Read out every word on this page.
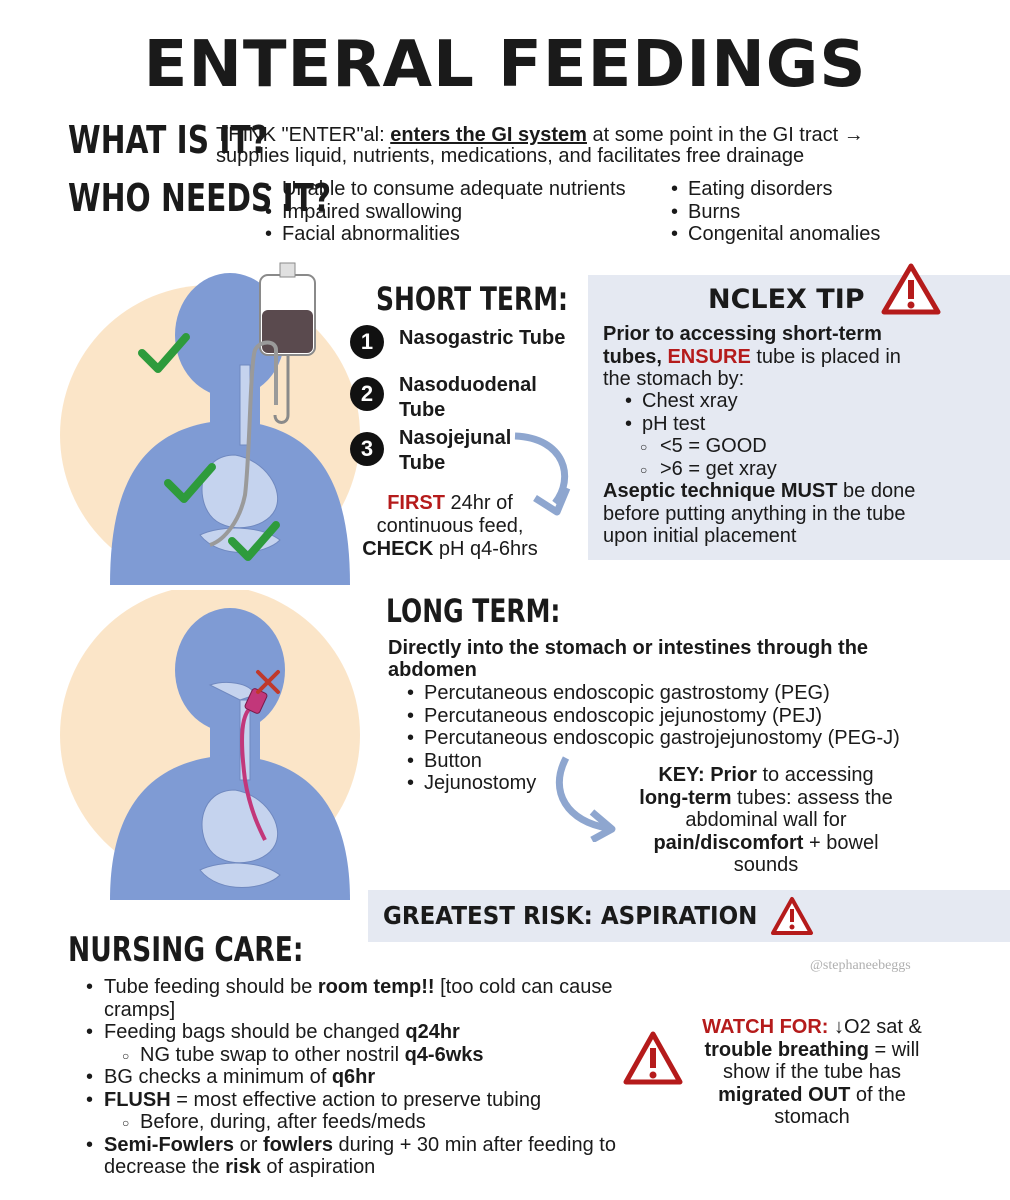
ENTERAL FEEDINGS
WHAT IS IT?
THINK "ENTER"al: enters the GI system at some point in the GI tract →
supplies liquid, nutrients, medications, and facilitates free drainage
WHO NEEDS IT?
• Unable to consume adequate nutrients
• Impaired swallowing
• Facial abnormalities
• Eating disorders
• Burns
• Congenital anomalies
SHORT TERM:
1	Nasogastric Tube
2	Nasoduodenal Tube
3	Nasojejunal Tube
FIRST 24hr of
continuous feed,
CHECK pH q4-6hrs
NCLEX TIP
Prior to accessing short-term
tubes, ENSURE tube is placed in
the stomach by:
• Chest xray
• pH test
○ <5 = GOOD
○ >6 = get xray
Aseptic technique MUST be done
before putting anything in the tube
upon initial placement
LONG TERM:
Directly into the stomach or intestines through the abdomen
• Percutaneous endoscopic gastrostomy (PEG)
• Percutaneous endoscopic jejunostomy (PEJ)
• Percutaneous endoscopic gastrojejunostomy (PEG-J)
• Button
• Jejunostomy	KEY: Prior to accessing
long-term tubes: assess the
abdominal wall for
pain/discomfort + bowel
sounds
GREATEST RISK: ASPIRATION
@stephaneebeggs
NURSING CARE:
• Tube feeding should be room temp!! [too cold can cause
cramps]
• Feeding bags should be changed q24hr
○ NG tube swap to other nostril q4-6wks
• BG checks a minimum of q6hr
• FLUSH = most effective action to preserve tubing
○ Before, during, after feeds/meds
• Semi-Fowlers or fowlers during + 30 min after feeding to
decrease the risk of aspiration
WATCH FOR: ↓O2 sat &
trouble breathing = will
show if the tube has
migrated OUT of the
stomach
